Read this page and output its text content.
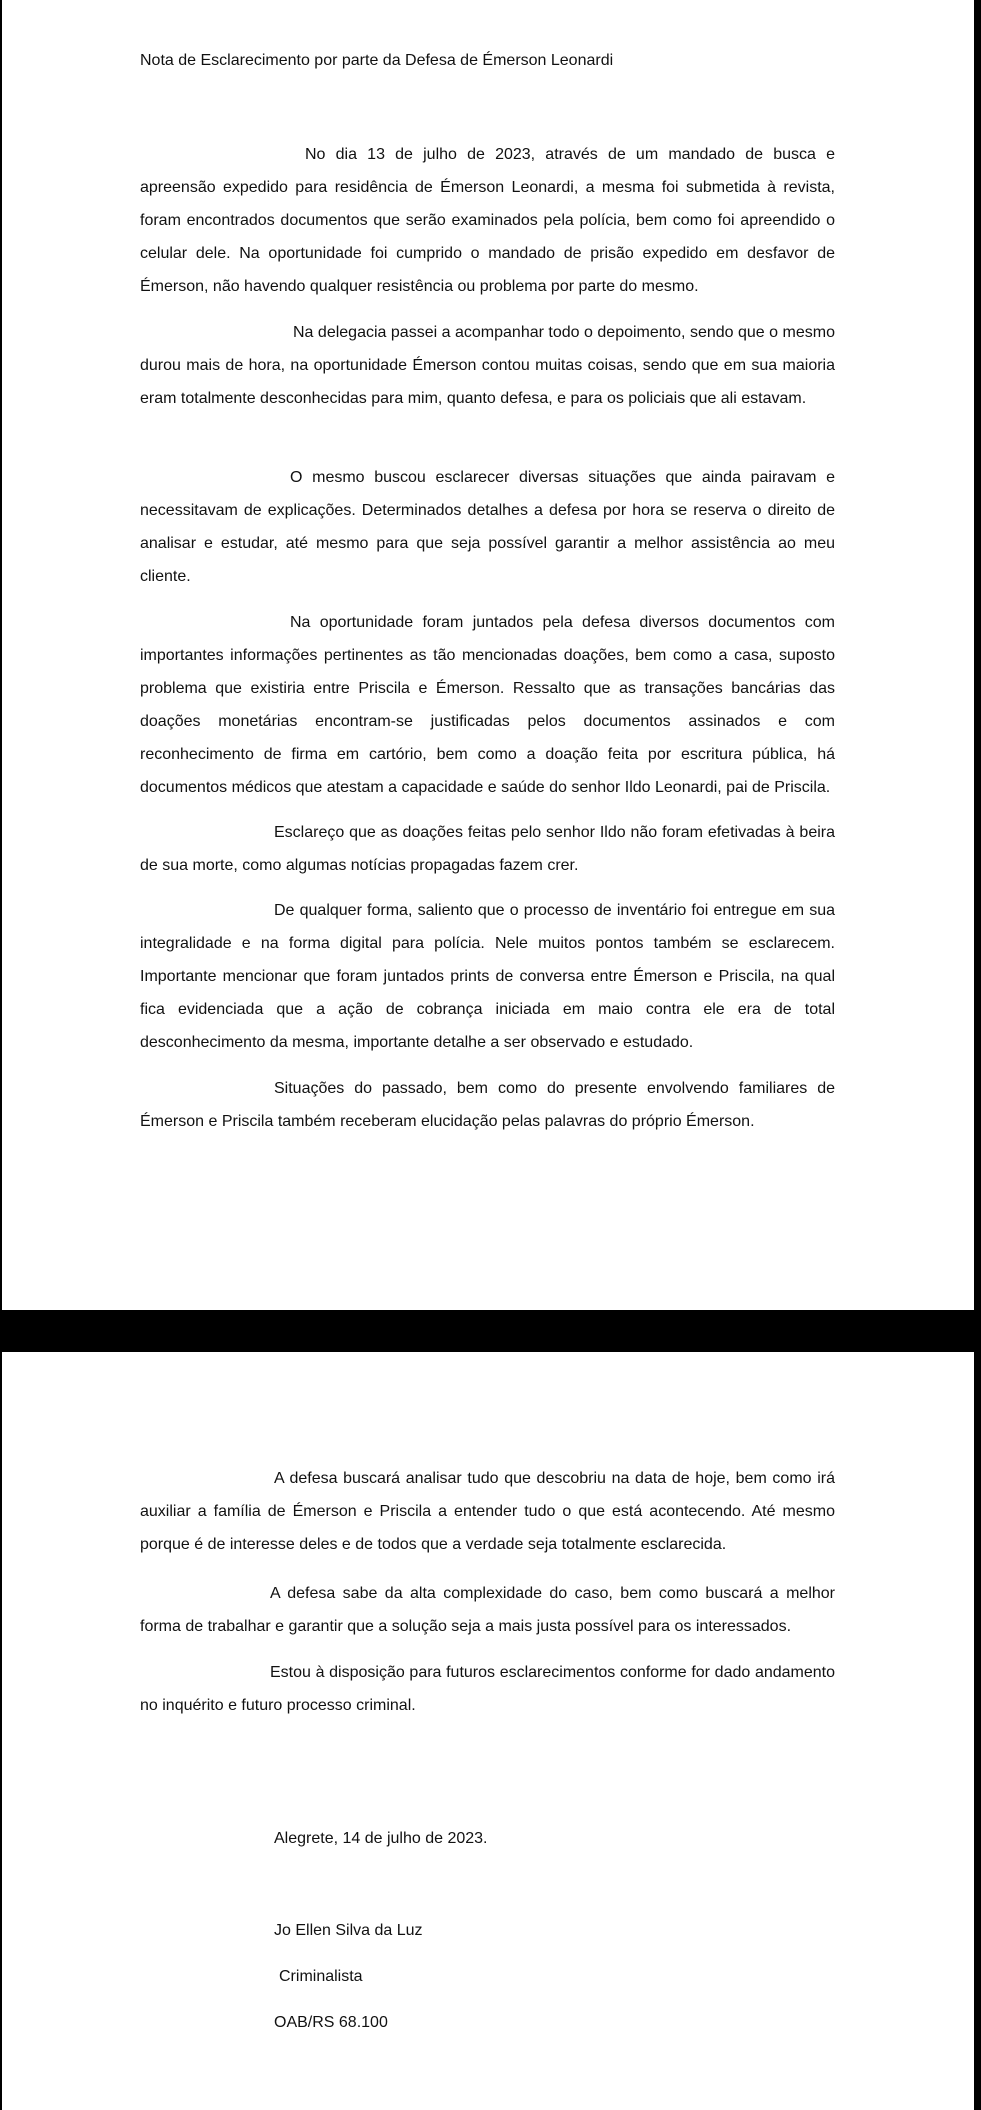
Nota de Esclarecimento por parte da Defesa de Émerson Leonardi

No dia 13 de julho de 2023, através de um mandado de busca e apreensão expedido para residência de Émerson Leonardi, a mesma foi submetida à revista, foram encontrados documentos que serão examinados pela polícia, bem como foi apreendido o celular dele. Na oportunidade foi cumprido o mandado de prisão expedido em desfavor de Émerson, não havendo qualquer resistência ou problema por parte do mesmo.

Na delegacia passei a acompanhar todo o depoimento, sendo que o mesmo durou mais de hora, na oportunidade Émerson contou muitas coisas, sendo que em sua maioria eram totalmente desconhecidas para mim, quanto defesa, e para os policiais que ali estavam.

O mesmo buscou esclarecer diversas situações que ainda pairavam e necessitavam de explicações. Determinados detalhes a defesa por hora se reserva o direito de analisar e estudar, até mesmo para que seja possível garantir a melhor assistência ao meu cliente.

Na oportunidade foram juntados pela defesa diversos documentos com importantes informações pertinentes as tão mencionadas doações, bem como a casa, suposto problema que existiria entre Priscila e Émerson. Ressalto que as transações bancárias das doações monetárias encontram-se justificadas pelos documentos assinados e com reconhecimento de firma em cartório, bem como a doação feita por escritura pública, há documentos médicos que atestam a capacidade e saúde do senhor Ildo Leonardi, pai de Priscila.

Esclareço que as doações feitas pelo senhor Ildo não foram efetivadas à beira de sua morte, como algumas notícias propagadas fazem crer.

De qualquer forma, saliento que o processo de inventário foi entregue em sua integralidade e na forma digital para polícia. Nele muitos pontos também se esclarecem. Importante mencionar que foram juntados prints de conversa entre Émerson e Priscila, na qual fica evidenciada que a ação de cobrança iniciada em maio contra ele era de total desconhecimento da mesma, importante detalhe a ser observado e estudado.

Situações do passado, bem como do presente envolvendo familiares de Émerson e Priscila também receberam elucidação pelas palavras do próprio Émerson.

A defesa buscará analisar tudo que descobriu na data de hoje, bem como irá auxiliar a família de Émerson e Priscila a entender tudo o que está acontecendo. Até mesmo porque é de interesse deles e de todos que a verdade seja totalmente esclarecida.

A defesa sabe da alta complexidade do caso, bem como buscará a melhor forma de trabalhar e garantir que a solução seja a mais justa possível para os interessados.

Estou à disposição para futuros esclarecimentos conforme for dado andamento no inquérito e futuro processo criminal.

Alegrete, 14 de julho de 2023.
Jo Ellen Silva da Luz
Criminalista
OAB/RS 68.100
